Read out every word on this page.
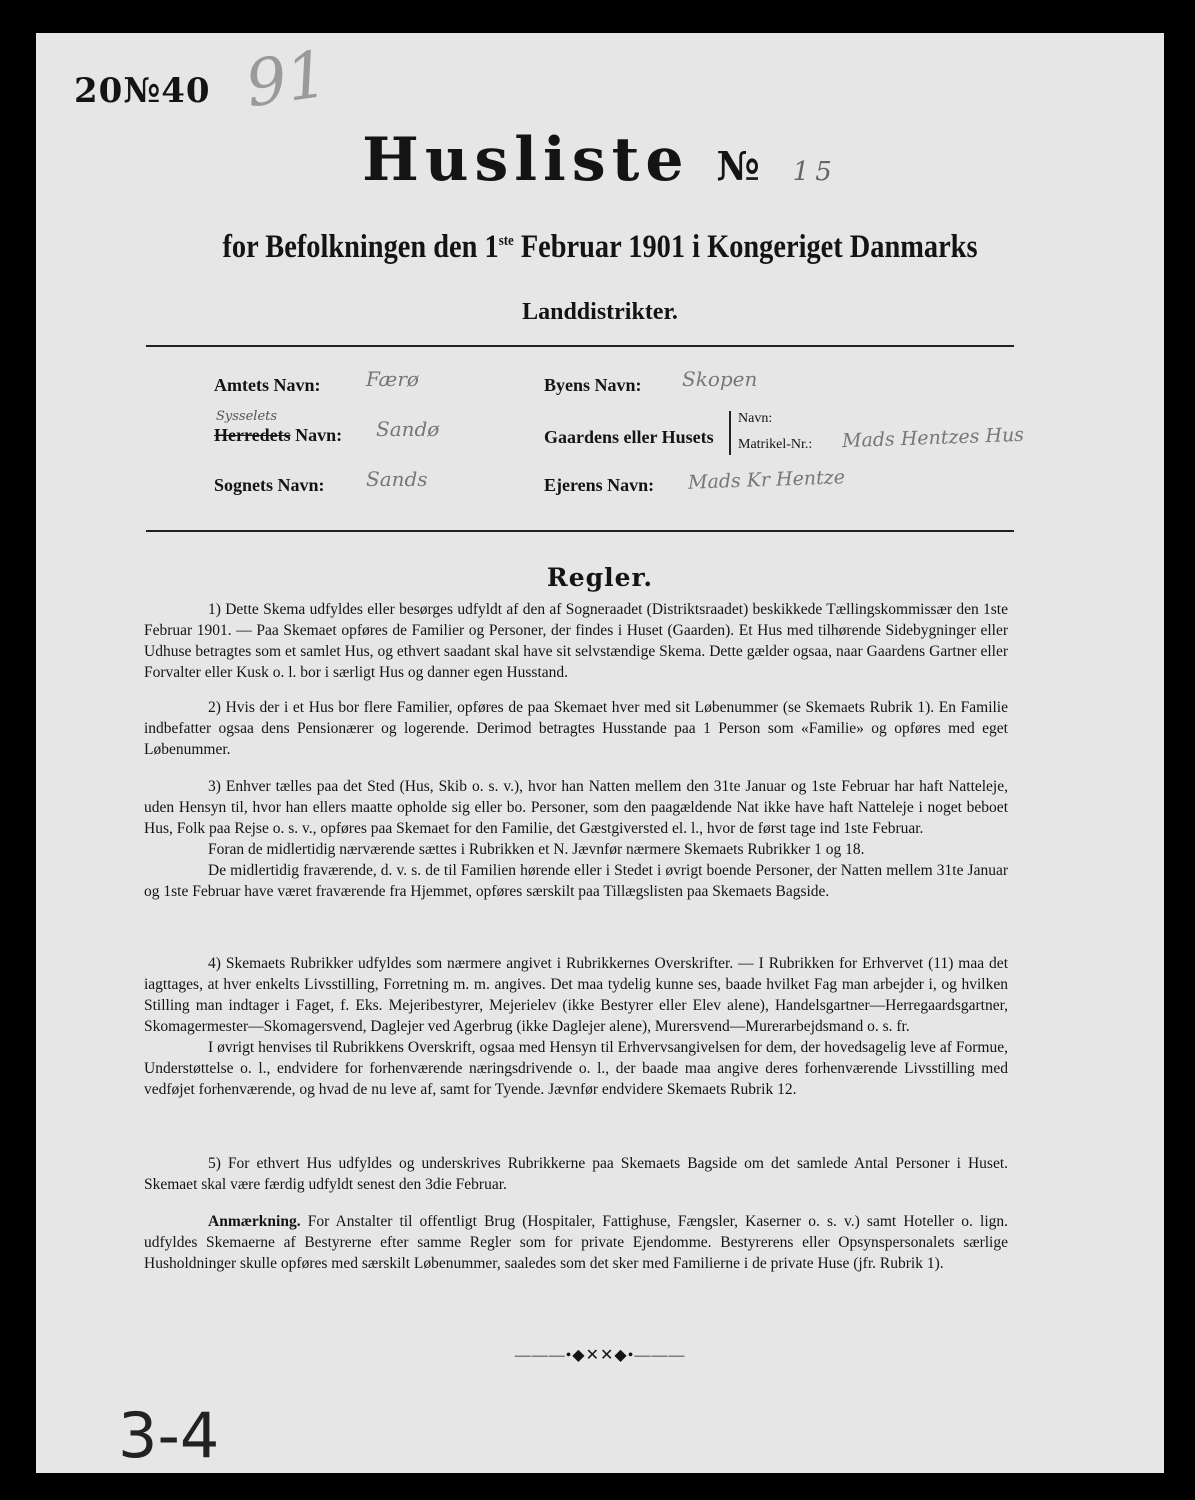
20№40 91
Husliste № 15
for Befolkningen den 1ste Februar 1901 i Kongeriget Danmarks
Landdistrikter.
Amtets Navn: Færø
Sysselets
Herredets Navn: Sandø
Sognets Navn: Sands
Byens Navn: Skopen
Gaardens eller Husets
Navn:
Matrikel-Nr.: Mads Hentzes Hus
Ejerens Navn: Mads Kr Hentze
Regler.

1) Dette Skema udfyldes eller besørges udfyldt af den af Sogneraadet (Distriktsraadet) beskikkede Tællingskommissær den 1ste Februar 1901. — Paa Skemaet opføres de Familier og Personer, der findes i Huset (Gaarden). Et Hus med tilhørende Sidebygninger eller Udhuse betragtes som et samlet Hus, og ethvert saadant skal have sit selvstændige Skema. Dette gælder ogsaa, naar Gaardens Gartner eller Forvalter eller Kusk o. l. bor i særligt Hus og danner egen Husstand.

2) Hvis der i et Hus bor flere Familier, opføres de paa Skemaet hver med sit Løbenummer (se Skemaets Rubrik 1). En Familie indbefatter ogsaa dens Pensionærer og logerende. Derimod betragtes Husstande paa 1 Person som «Familie» og opføres med eget Løbenummer.

3) Enhver tælles paa det Sted (Hus, Skib o. s. v.), hvor han Natten mellem den 31te Januar og 1ste Februar har haft Natteleje, uden Hensyn til, hvor han ellers maatte opholde sig eller bo. Personer, som den paagældende Nat ikke have haft Natteleje i noget beboet Hus, Folk paa Rejse o. s. v., opføres paa Skemaet for den Familie, det Gæstgiversted el. l., hvor de først tage ind 1ste Februar.

Foran de midlertidig nærværende sættes i Rubrikken et N. Jævnfør nærmere Skemaets Rubrikker 1 og 18.

De midlertidig fraværende, d. v. s. de til Familien hørende eller i Stedet i øvrigt boende Personer, der Natten mellem 31te Januar og 1ste Februar have været fraværende fra Hjemmet, opføres særskilt paa Tillægslisten paa Skemaets Bagside.

4) Skemaets Rubrikker udfyldes som nærmere angivet i Rubrikkernes Overskrifter. — I Rubrikken for Erhvervet (11) maa det iagttages, at hver enkelts Livsstilling, Forretning m. m. angives. Det maa tydelig kunne ses, baade hvilket Fag man arbejder i, og hvilken Stilling man indtager i Faget, f. Eks. Mejeribestyrer, Mejerielev (ikke Bestyrer eller Elev alene), Handelsgartner—Herregaardsgartner, Skomagermester—Skomagersvend, Daglejer ved Agerbrug (ikke Daglejer alene), Murersvend—Murerarbejdsmand o. s. fr.

I øvrigt henvises til Rubrikkens Overskrift, ogsaa med Hensyn til Erhvervsangivelsen for dem, der hovedsagelig leve af Formue, Understøttelse o. l., endvidere for forhenværende næringsdrivende o. l., der baade maa angive deres forhenværende Livsstilling med vedføjet forhenværende, og hvad de nu leve af, samt for Tyende. Jævnfør endvidere Skemaets Rubrik 12.

5) For ethvert Hus udfyldes og underskrives Rubrikkerne paa Skemaets Bagside om det samlede Antal Personer i Huset. Skemaet skal være færdig udfyldt senest den 3die Februar.

Anmærkning. For Anstalter til offentligt Brug (Hospitaler, Fattighuse, Fængsler, Kaserner o. s. v.) samt Hoteller o. lign. udfyldes Skemaerne af Bestyrerne efter samme Regler som for private Ejendomme. Bestyrerens eller Opsynspersonalets særlige Husholdninger skulle opføres med særskilt Løbenummer, saaledes som det sker med Familierne i de private Huse (jfr. Rubrik 1).

———•◆✕✕◆•———
3-4
